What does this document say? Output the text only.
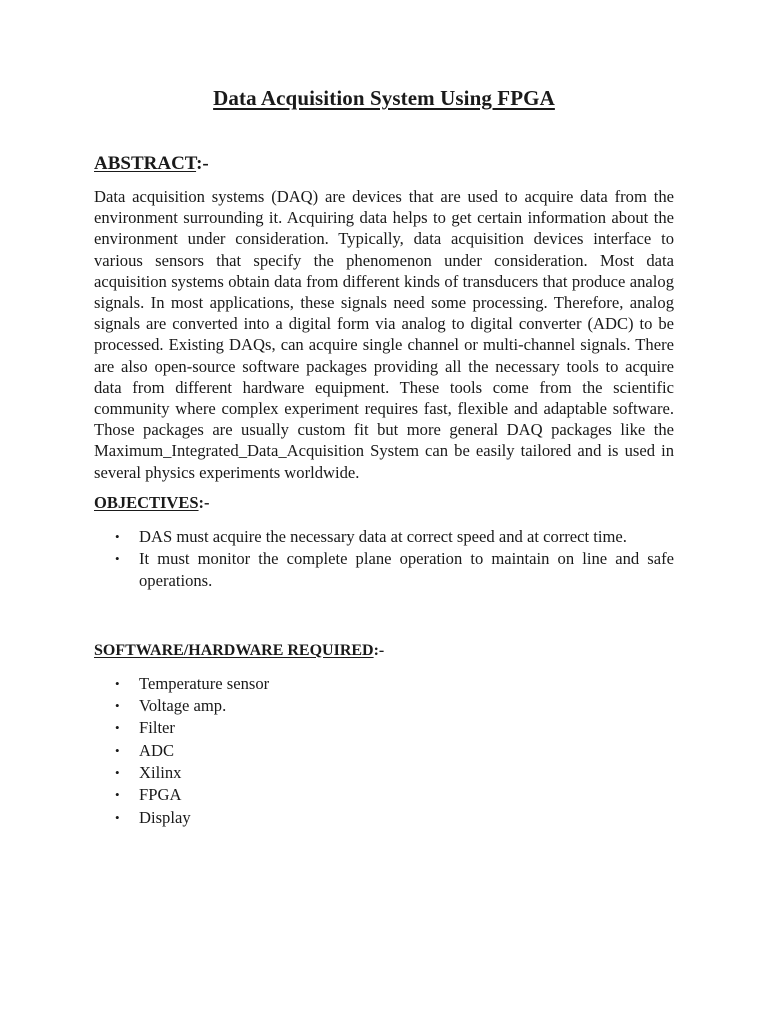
Data Acquisition System Using FPGA
ABSTRACT:-

Data acquisition systems (DAQ) are devices that are used to acquire data from the environment surrounding it. Acquiring data helps to get certain information about the environment under consideration. Typically, data acquisition devices interface to various sensors that specify the phenomenon under consideration. Most data acquisition systems obtain data from different kinds of transducers that produce analog signals. In most applications, these signals need some processing. Therefore, analog signals are converted into a digital form via analog to digital converter (ADC) to be processed. Existing DAQs, can acquire single channel or multi-channel signals. There are also open-source software packages providing all the necessary tools to acquire data from different hardware equipment. These tools come from the scientific community where complex experiment requires fast, flexible and adaptable software. Those packages are usually custom fit but more general DAQ packages like the Maximum_Integrated_Data_Acquisition System can be easily tailored and is used in several physics experiments worldwide.

OBJECTIVES:-
• DAS must acquire the necessary data at correct speed and at correct time.
• It must monitor the complete plane operation to maintain on line and safe operations.
SOFTWARE/HARDWARE REQUIRED:-
• Temperature sensor
• Voltage amp.
• Filter
• ADC
• Xilinx
• FPGA
• Display
